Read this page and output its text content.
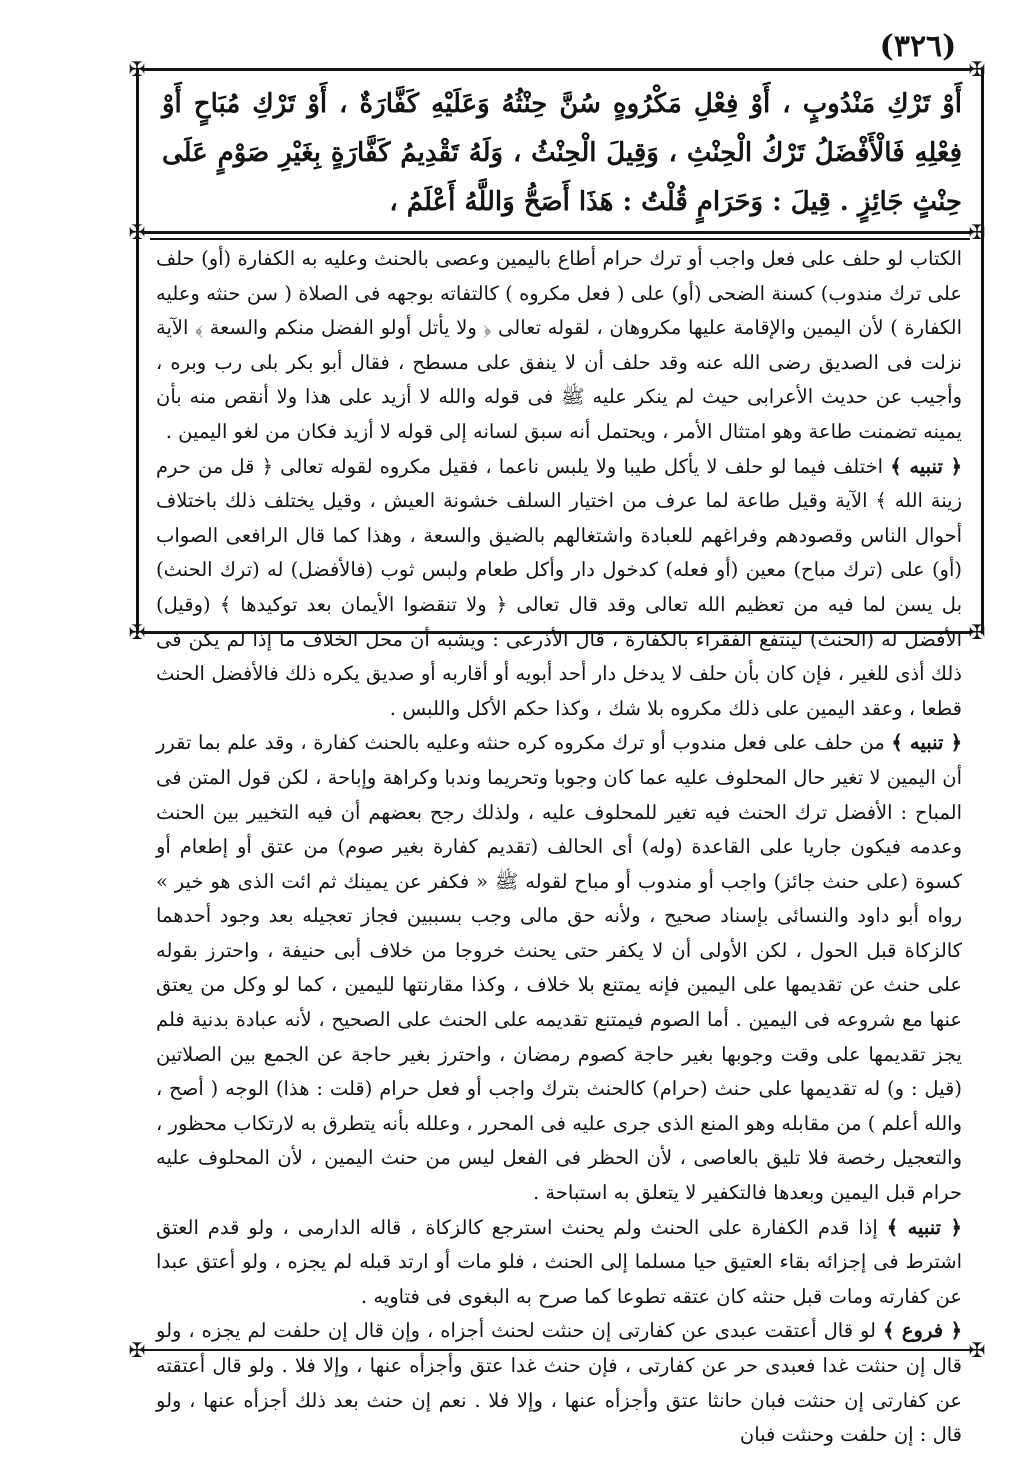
( ٣٢٦ )
✠	✠
✠	✠
✠	✠
أَوْ تَرْكِ مَنْدُوبٍ ، أَوْ فِعْلِ مَكْرُوهٍ سُنَّ حِنْثُهُ وَعَلَيْهِ كَفَّارَةٌ ، أَوْ تَرْكِ مُبَاحٍ أَوْ فِعْلِهِ فَالْأَفْضَلُ تَرْكُ الْحِنْثِ ، وَقِيلَ الْحِنْثُ ، وَلَهُ تَقْدِيمُ كَفَّارَةٍ بِغَيْرِ صَوْمٍ عَلَى حِنْثٍ جَائِزٍ . قِيلَ : وَحَرَامٍ قُلْتُ : هَذَا أَصَحُّ وَاللَّهُ أَعْلَمُ ،

الكتاب لو حلف على فعل واجب أو ترك حرام أطاع باليمين وعصى بالحنث وعليه به الكفارة (أو) حلف على ترك مندوب) كسنة الضحى (أو) على ( فعل مكروه ) كالتفاته بوجهه فى الصلاة ( سن حنثه وعليه الكفارة ) لأن اليمين والإقامة عليها مكروهان ، لقوله تعالى ﴿ ولا يأتل أولو الفضل منكم والسعة ﴾ الآية نزلت فى الصديق رضى الله عنه وقد حلف أن لا ينفق على مسطح ، فقال أبو بكر بلى رب وبره ، وأجيب عن حديث الأعرابى حيث لم ينكر عليه ﷺ فى قوله والله لا أزيد على هذا ولا أنقص منه بأن يمينه تضمنت طاعة وهو امتثال الأمر ، ويحتمل أنه سبق لسانه إلى قوله لا أزيد فكان من لغو اليمين .

﴿ تنبيه ﴾ اختلف فيما لو حلف لا يأكل طيبا ولا يلبس ناعما ، فقيل مكروه لقوله تعالى ﴿ قل من حرم زينة الله ﴾ الآية وقيل طاعة لما عرف من اختيار السلف خشونة العيش ، وقيل يختلف ذلك باختلاف أحوال الناس وقصودهم وفراغهم للعبادة واشتغالهم بالضيق والسعة ، وهذا كما قال الرافعى الصواب (أو) على (ترك مباح) معين (أو فعله) كدخول دار وأكل طعام ولبس ثوب (فالأفضل) له (ترك الحنث) بل يسن لما فيه من تعظيم الله تعالى وقد قال تعالى ﴿ ولا تنقضوا الأيمان بعد توكيدها ﴾ (وقيل) الأفضل له (الحنث) لينتفع الفقراء بالكفارة ، قال الأذرعى : ويشبه أن محل الخلاف ما إذا لم يكن فى ذلك أذى للغير ، فإن كان بأن حلف لا يدخل دار أحد أبويه أو أقاربه أو صديق يكره ذلك فالأفضل الحنث قطعا ، وعقد اليمين على ذلك مكروه بلا شك ، وكذا حكم الأكل واللبس .

﴿ تنبيه ﴾ من حلف على فعل مندوب أو ترك مكروه كره حنثه وعليه بالحنث كفارة ، وقد علم بما تقرر أن اليمين لا تغير حال المحلوف عليه عما كان وجوبا وتحريما وندبا وكراهة وإباحة ، لكن قول المتن فى المباح : الأفضل ترك الحنث فيه تغير للمحلوف عليه ، ولذلك رجح بعضهم أن فيه التخيير بين الحنث وعدمه فيكون جاريا على القاعدة (وله) أى الحالف (تقديم كفارة بغير صوم) من عتق أو إطعام أو كسوة (على حنث جائز) واجب أو مندوب أو مباح لقوله ﷺ « فكفر عن يمينك ثم ائت الذى هو خير » رواه أبو داود والنسائى بإسناد صحيح ، ولأنه حق مالى وجب بسببين فجاز تعجيله بعد وجود أحدهما كالزكاة قبل الحول ، لكن الأولى أن لا يكفر حتى يحنث خروجا من خلاف أبى حنيفة ، واحترز بقوله على حنث عن تقديمها على اليمين فإنه يمتنع بلا خلاف ، وكذا مقارنتها لليمين ، كما لو وكل من يعتق عنها مع شروعه فى اليمين . أما الصوم فيمتنع تقديمه على الحنث على الصحيح ، لأنه عبادة بدنية فلم يجز تقديمها على وقت وجوبها بغير حاجة كصوم رمضان ، واحترز بغير حاجة عن الجمع بين الصلاتين (قيل : و) له تقديمها على حنث (حرام) كالحنث بترك واجب أو فعل حرام (قلت : هذا) الوجه ( أصح ، والله أعلم ) من مقابله وهو المنع الذى جرى عليه فى المحرر ، وعلله بأنه يتطرق به لارتكاب محظور ، والتعجيل رخصة فلا تليق بالعاصى ، لأن الحظر فى الفعل ليس من حنث اليمين ، لأن المحلوف عليه حرام قبل اليمين وبعدها فالتكفير لا يتعلق به استباحة .

﴿ تنبيه ﴾ إذا قدم الكفارة على الحنث ولم يحنث استرجع كالزكاة ، قاله الدارمى ، ولو قدم العتق اشترط فى إجزائه بقاء العتيق حيا مسلما إلى الحنث ، فلو مات أو ارتد قبله لم يجزه ، ولو أعتق عبدا عن كفارته ومات قبل حنثه كان عتقه تطوعا كما صرح به البغوى فى فتاويه .

﴿ فروع ﴾ لو قال أعتقت عبدى عن كفارتى إن حنثت لحنث أجزاه ، وإن قال إن حلفت لم يجزه ، ولو قال إن حنثت غدا فعبدى حر عن كفارتى ، فإن حنث غدا عتق وأجزأه عنها ، وإلا فلا . ولو قال أعتقته عن كفارتى إن حنثت فبان حانثا عتق وأجزأه عنها ، وإلا فلا . نعم إن حنث بعد ذلك أجزأه عنها ، ولو قال : إن حلفت وحنثت فبان

✠	✠
